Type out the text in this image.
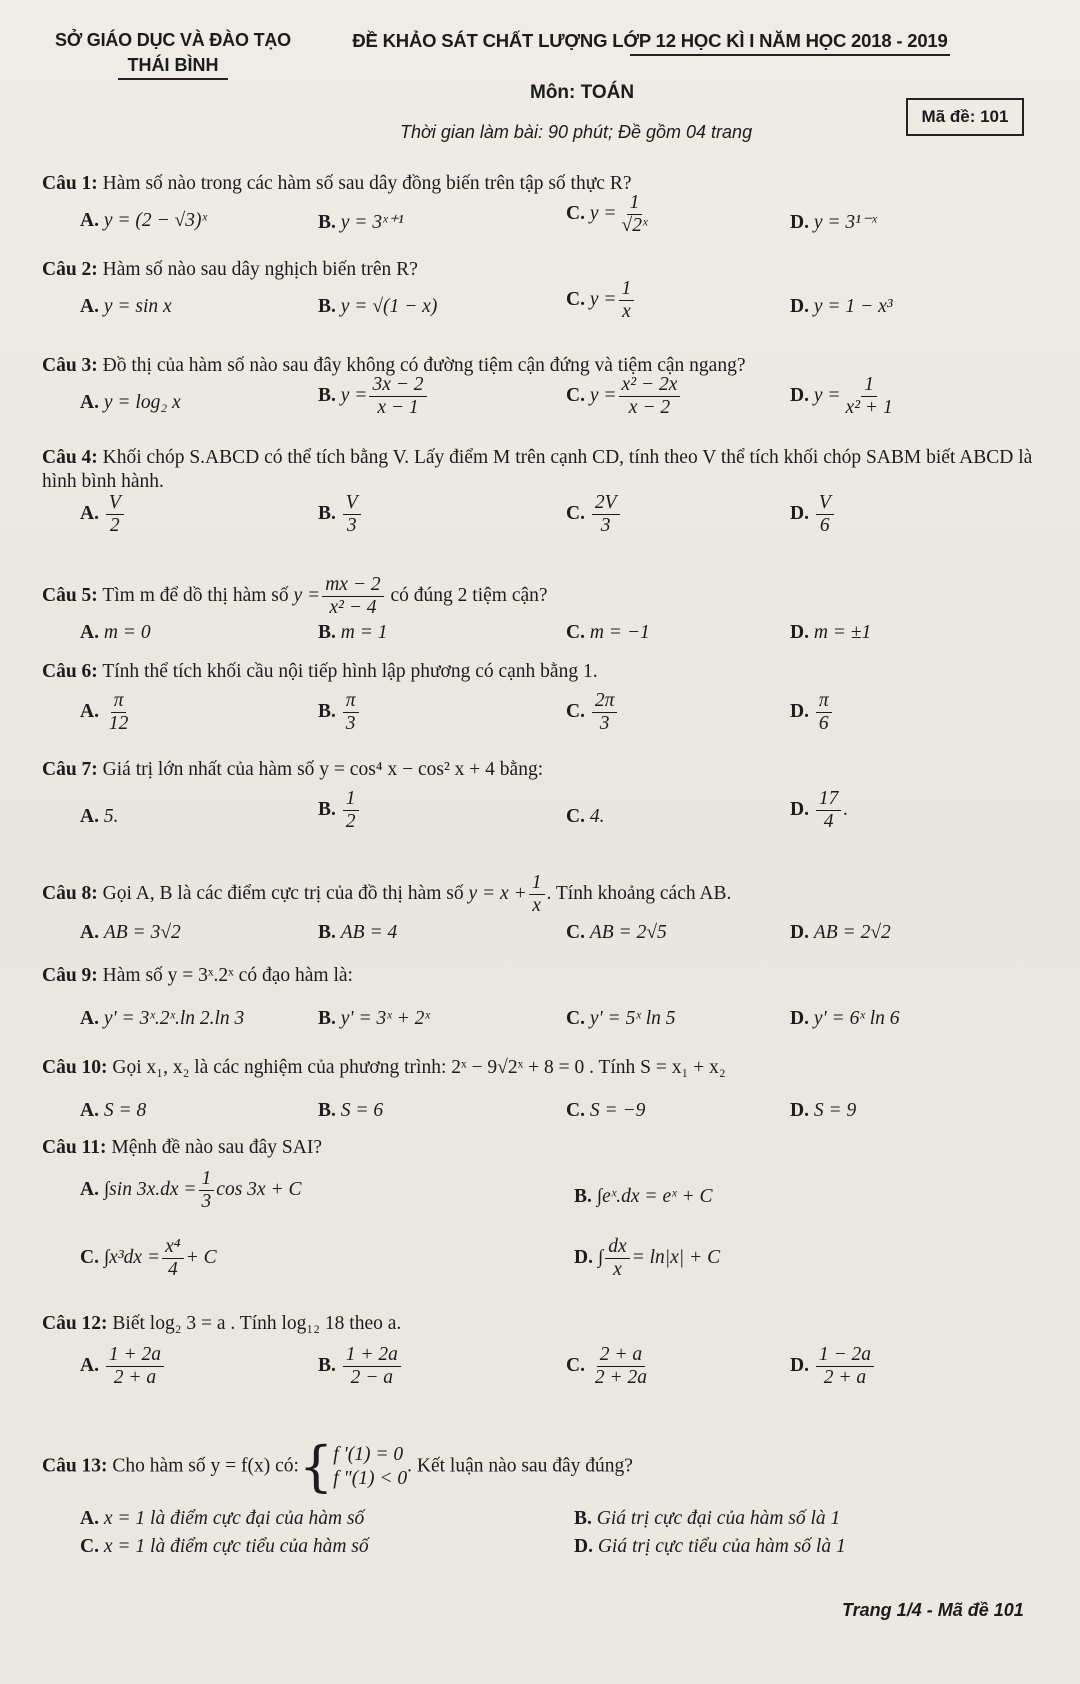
SỞ GIÁO DỤC VÀ ĐÀO TẠO
THÁI BÌNH
ĐỀ KHẢO SÁT CHẤT LƯỢNG LỚP 12 HỌC KÌ I NĂM HỌC 2018 - 2019
Môn: TOÁN
Thời gian làm bài: 90 phút; Đề gồm 04 trang
Mã đề: 101
Câu 1: Hàm số nào trong các hàm số sau dây đồng biến trên tập số thực R?
A. y = (2 − √3)ˣ	B. y = 3ˣ⁺¹	C. $y = \frac{1}{\text{√2ˣ}}$	D. y = 3¹⁻ˣ
Câu 2: Hàm số nào sau dây nghịch biến trên R?
A. y = sin x	B. y = √(1 − x)	C. $y = \frac{1}{x}$	D. y = 1 − x³
Câu 3: Đồ thị của hàm số nào sau đây không có đường tiệm cận đứng và tiệm cận ngang?
A. y = log₂ x	B. $y = \frac{3x - 2}{x - 1}$	C. $y = \frac{\text{x² − 2x}}{x - 2}$	D. $y = \frac{1}{\text{x² + 1}}$
Câu 4: Khối chóp S.ABCD có thể tích bằng V. Lấy điểm M trên cạnh CD, tính theo V thể tích khối chóp SABM biết ABCD là hình bình hành.
A. $\frac{V}{2}$	B. $\frac{V}{3}$	C. $\frac{2V}{3}$	D. $\frac{V}{6}$
Câu 5: Tìm m để dồ thị hàm số $y = \frac{mx - 2}{\text{x² − 4}}$ có đúng 2 tiệm cận?
A. m = 0	B. m = 1	C. m = −1	D. m = ±1
Câu 6: Tính thể tích khối cầu nội tiếp hình lập phương có cạnh bằng 1.
A. $\frac{\pi}{12}$	B. $\frac{\pi}{3}$	C. $\frac{2\pi}{3}$	D. $\frac{\pi}{6}$
Câu 7: Giá trị lớn nhất của hàm số y = cos⁴ x − cos² x + 4 bằng:
A. 5.	B. $\frac{1}{2}$	C. 4.	D. $\frac{17}{4}$ .
Câu 8: Gọi A, B là các điểm cực trị của đồ thị hàm số $y = x + \frac{1}{x}$ . Tính khoảng cách AB.
A. AB = 3√2	B. AB = 4	C. AB = 2√5	D. AB = 2√2
Câu 9: Hàm số y = 3ˣ.2ˣ có đạo hàm là:
A. y' = 3ˣ.2ˣ.ln 2.ln 3	B. y' = 3ˣ + 2ˣ	C. y' = 5ˣ ln 5	D. y' = 6ˣ ln 6
Câu 10: Gọi x₁, x₂ là các nghiệm của phương trình: 2ˣ − 9√2ˣ + 8 = 0 . Tính S = x₁ + x₂
A. S = 8	B. S = 6	C. S = −9	D. S = 9
Câu 11: Mệnh đề nào sau đây SAI?
A. ∫sin $3x.dx = \frac{1}{3}$ cos 3x + C	B. ∫eˣ.dx = eˣ + C
C. $\int x^3dx = \frac{\text{x⁴}}{4} + C$	D. ∫ $\frac{dx}{x} = \ln|x| + C$
Câu 12: Biết log₂ 3 = a . Tính log₁₂ 18 theo a.
A. $\frac{1 + 2a}{2 + a}$	B. $\frac{1 + 2a}{2 - a}$	C. $\frac{2 + a}{2 + 2a}$	D. $\frac{1 - 2a}{2 + a}$
Câu 13: Cho hàm số y = f(x) có: { f '(1) = 0
f "(1) < 0
. Kết luận nào sau đây đúng?
A. x = 1 là điểm cực đại của hàm số	B. Giá trị cực đại của hàm số là 1
C. x = 1 là điểm cực tiểu của hàm số	D. Giá trị cực tiểu của hàm số là 1
Trang 1/4 - Mã đề 101
